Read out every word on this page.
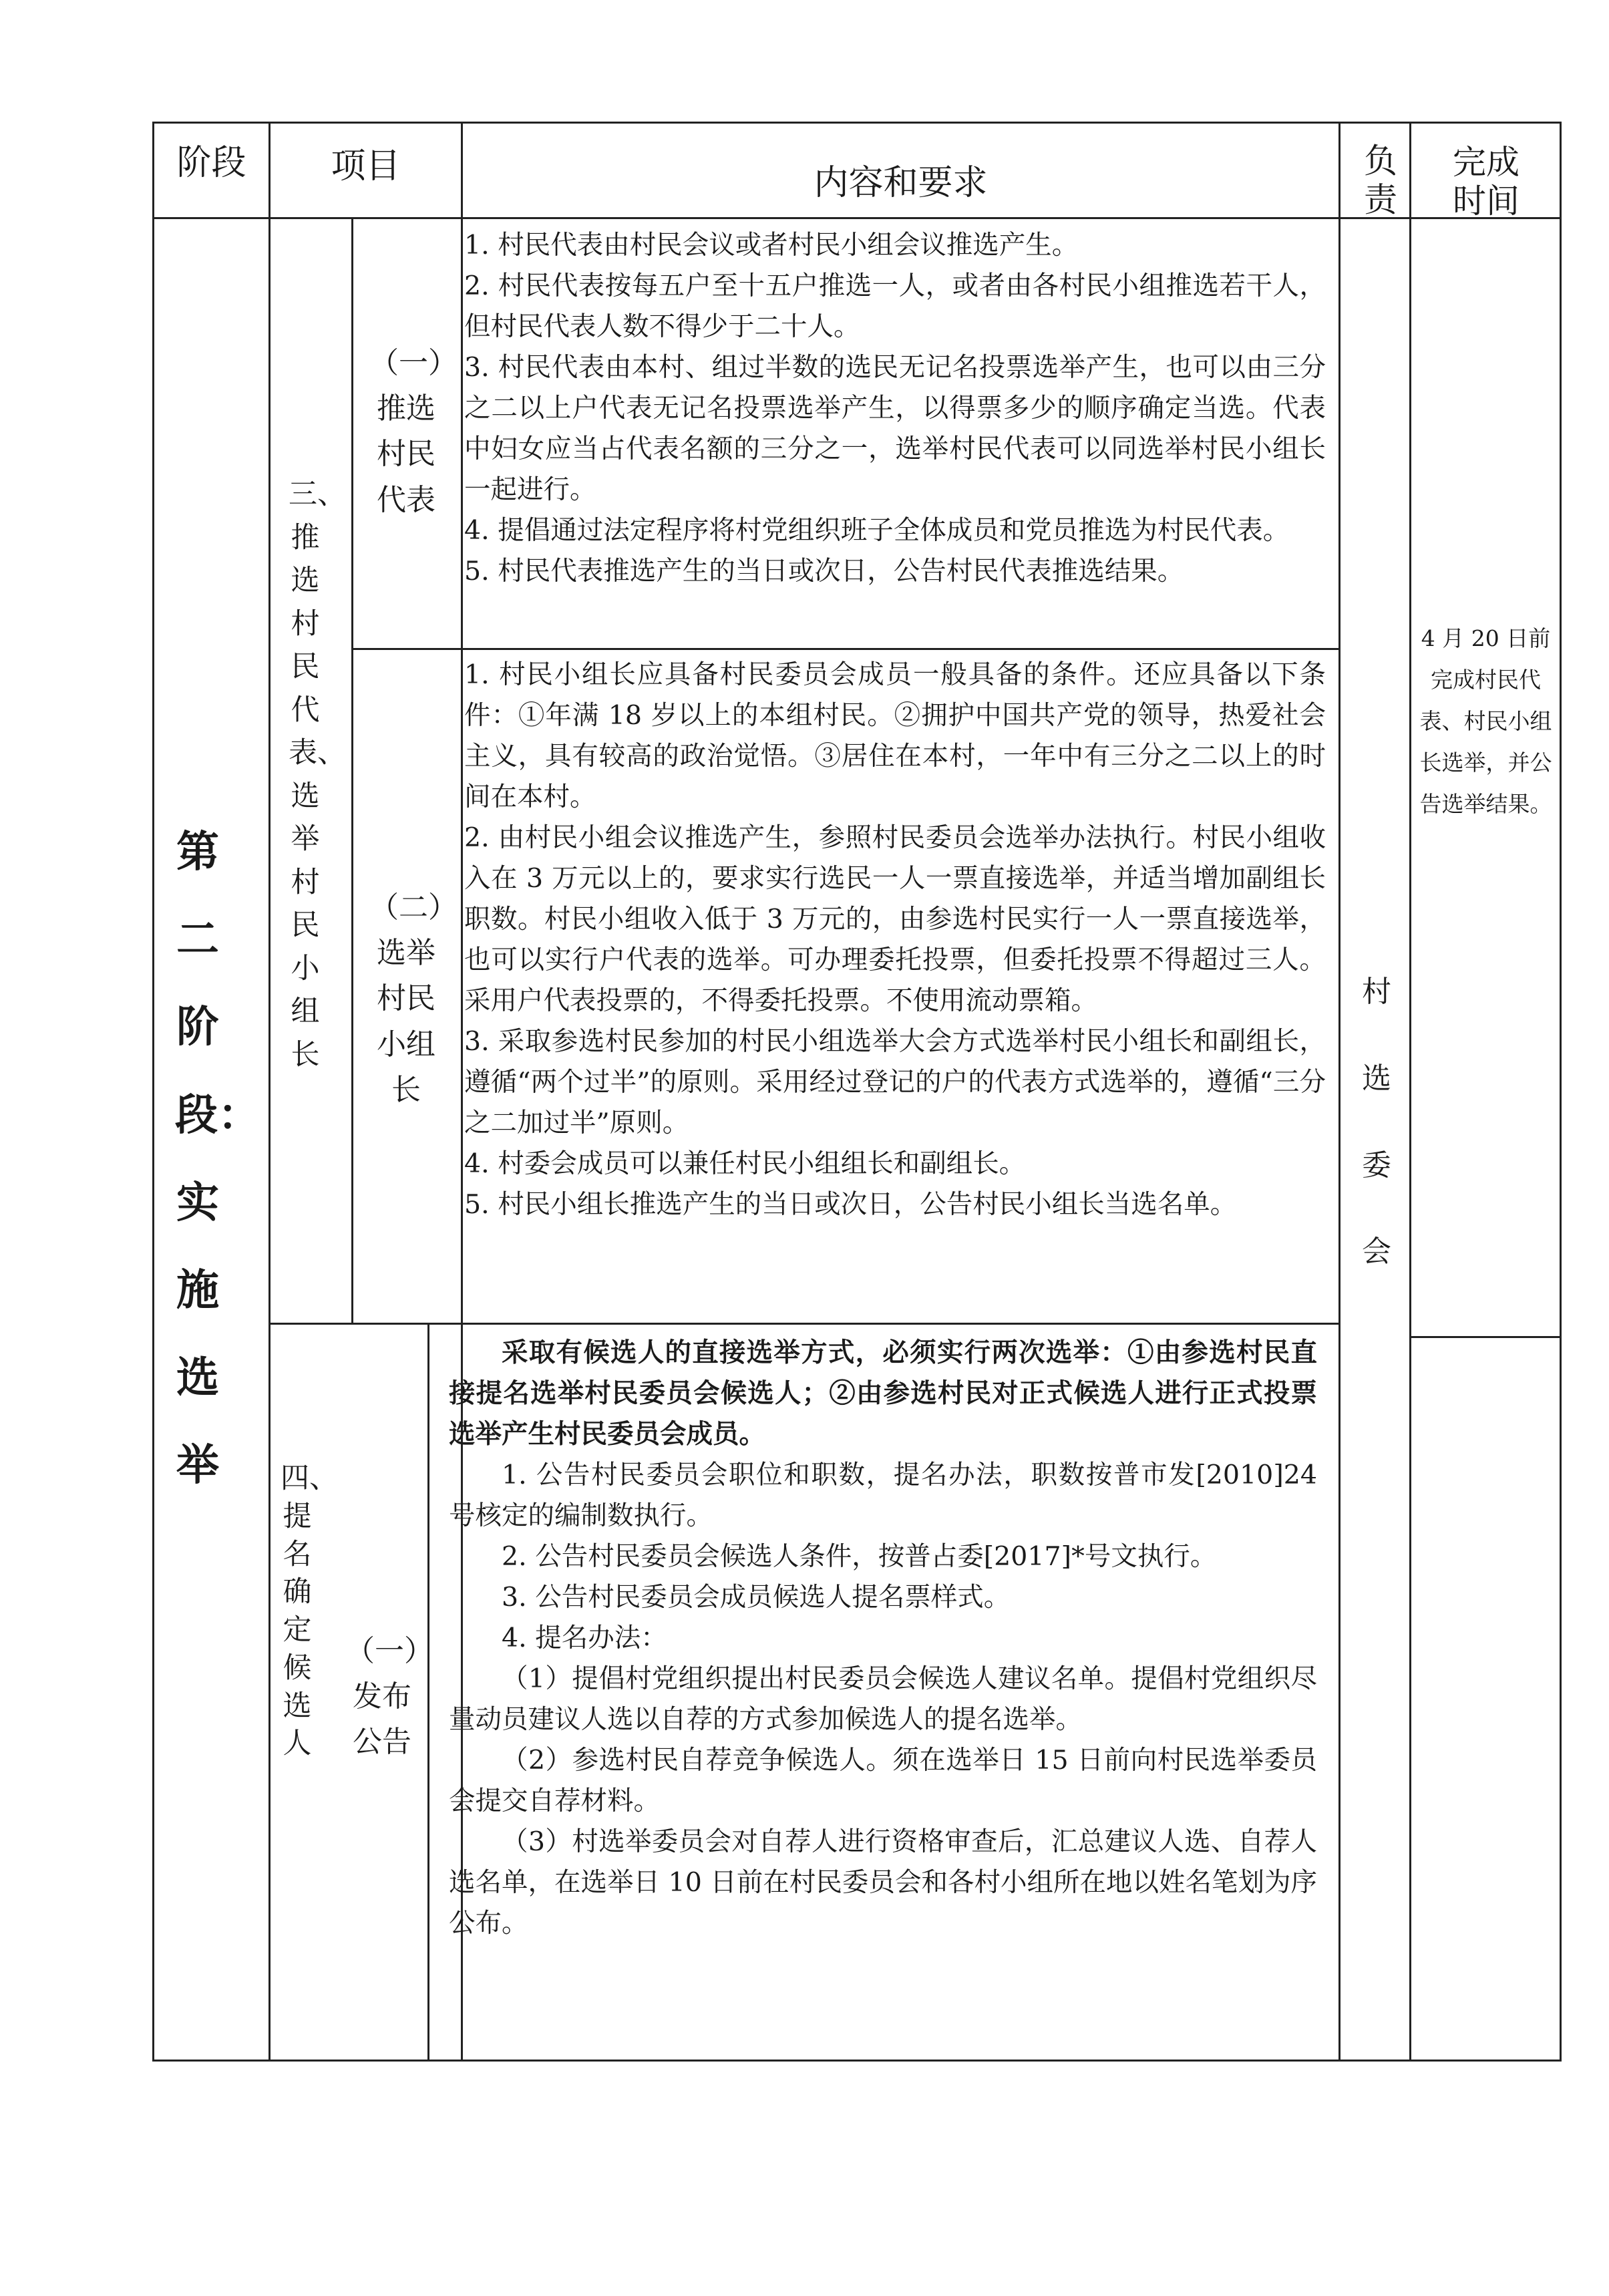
阶段	项目	内容和要求
负责
完成时间
第二阶段：实施选举
三、推选村民代表、选举村民小组长
（一）推选村民代表
（二）选举村民小组长

1. 村民代表由村民会议或者村民小组会议推选产生。

2. 村民代表按每五户至十五户推选一人，或者由各村民小组推选若干人，但村民代表人数不得少于二十人。

3. 村民代表由本村、组过半数的选民无记名投票选举产生，也可以由三分之二以上户代表无记名投票选举产生，以得票多少的顺序确定当选。代表中妇女应当占代表名额的三分之一，选举村民代表可以同选举村民小组长一起进行。

4. 提倡通过法定程序将村党组织班子全体成员和党员推选为村民代表。

5. 村民代表推选产生的当日或次日，公告村民代表推选结果。

1. 村民小组长应具备村民委员会成员一般具备的条件。还应具备以下条件：①年满 18 岁以上的本组村民。②拥护中国共产党的领导，热爱社会主义，具有较高的政治觉悟。③居住在本村，一年中有三分之二以上的时间在本村。

2. 由村民小组会议推选产生，参照村民委员会选举办法执行。村民小组收入在 3 万元以上的，要求实行选民一人一票直接选举，并适当增加副组长职数。村民小组收入低于 3 万元的，由参选村民实行一人一票直接选举，也可以实行户代表的选举。可办理委托投票，但委托投票不得超过三人。采用户代表投票的，不得委托投票。不使用流动票箱。

3. 采取参选村民参加的村民小组选举大会方式选举村民小组长和副组长，遵循“两个过半”的原则。采用经过登记的户的代表方式选举的，遵循“三分之二加过半”原则。

4. 村委会成员可以兼任村民小组组长和副组长。

5. 村民小组长推选产生的当日或次日，公告村民小组长当选名单。

村选委会
4 月 20 日前完成村民代表、村民小组长选举，并公告选举结果。
四、提名确定候选人
（一）发布公告

采取有候选人的直接选举方式，必须实行两次选举：①由参选村民直接提名选举村民委员会候选人；②由参选村民对正式候选人进行正式投票选举产生村民委员会成员。

1. 公告村民委员会职位和职数，提名办法，职数按普市发[2010]24 号核定的编制数执行。

2. 公告村民委员会候选人条件，按普占委[2017]*号文执行。

3. 公告村民委员会成员候选人提名票样式。

4. 提名办法：

（1）提倡村党组织提出村民委员会候选人建议名单。提倡村党组织尽量动员建议人选以自荐的方式参加候选人的提名选举。

（2）参选村民自荐竞争候选人。须在选举日 15 日前向村民选举委员会提交自荐材料。

（3）村选举委员会对自荐人进行资格审查后，汇总建议人选、自荐人选名单，在选举日 10 日前在村民委员会和各村小组所在地以姓名笔划为序公布。
